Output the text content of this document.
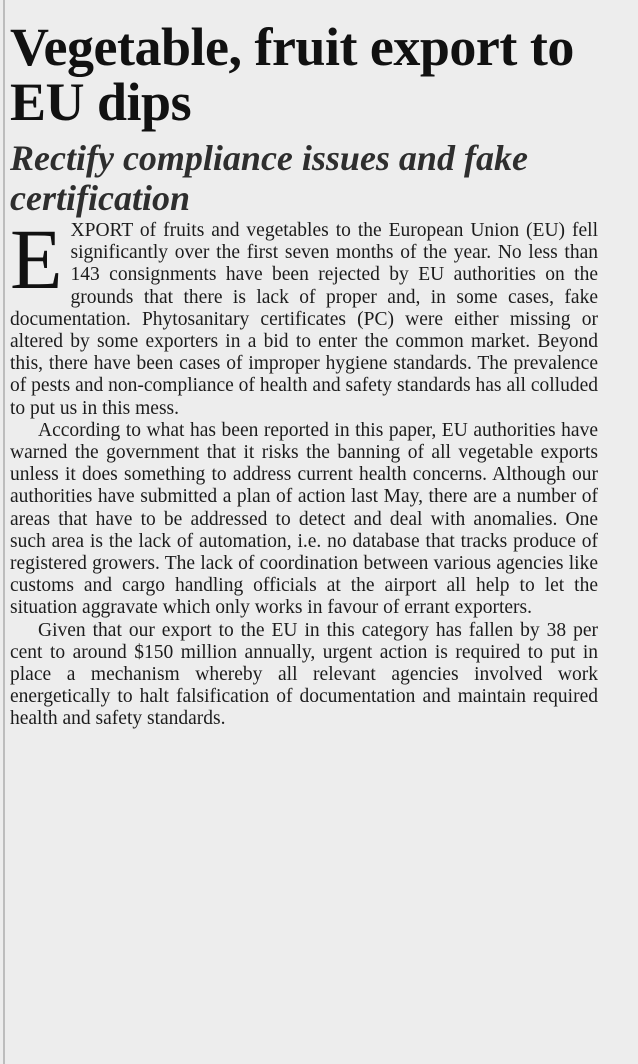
Vegetable, fruit export to EU dips
Rectify compliance issues and fake certification

EXPORT of fruits and vegetables to the European Union (EU) fell significantly over the first seven months of the year. No less than 143 consignments have been rejected by EU authorities on the grounds that there is lack of proper and, in some cases, fake documentation. Phytosanitary certificates (PC) were either missing or altered by some exporters in a bid to enter the common market. Beyond this, there have been cases of improper hygiene standards. The prevalence of pests and non-compliance of health and safety standards has all colluded to put us in this mess.

According to what has been reported in this paper, EU authorities have warned the government that it risks the banning of all vegetable exports unless it does something to address current health concerns. Although our authorities have submitted a plan of action last May, there are a number of areas that have to be addressed to detect and deal with anomalies. One such area is the lack of automation, i.e. no database that tracks produce of registered growers. The lack of coordination between various agencies like customs and cargo handling officials at the airport all help to let the situation aggravate which only works in favour of errant exporters.

Given that our export to the EU in this category has fallen by 38 per cent to around $150 million annually, urgent action is required to put in place a mechanism whereby all relevant agencies involved work energetically to halt falsification of documentation and maintain required health and safety standards.
